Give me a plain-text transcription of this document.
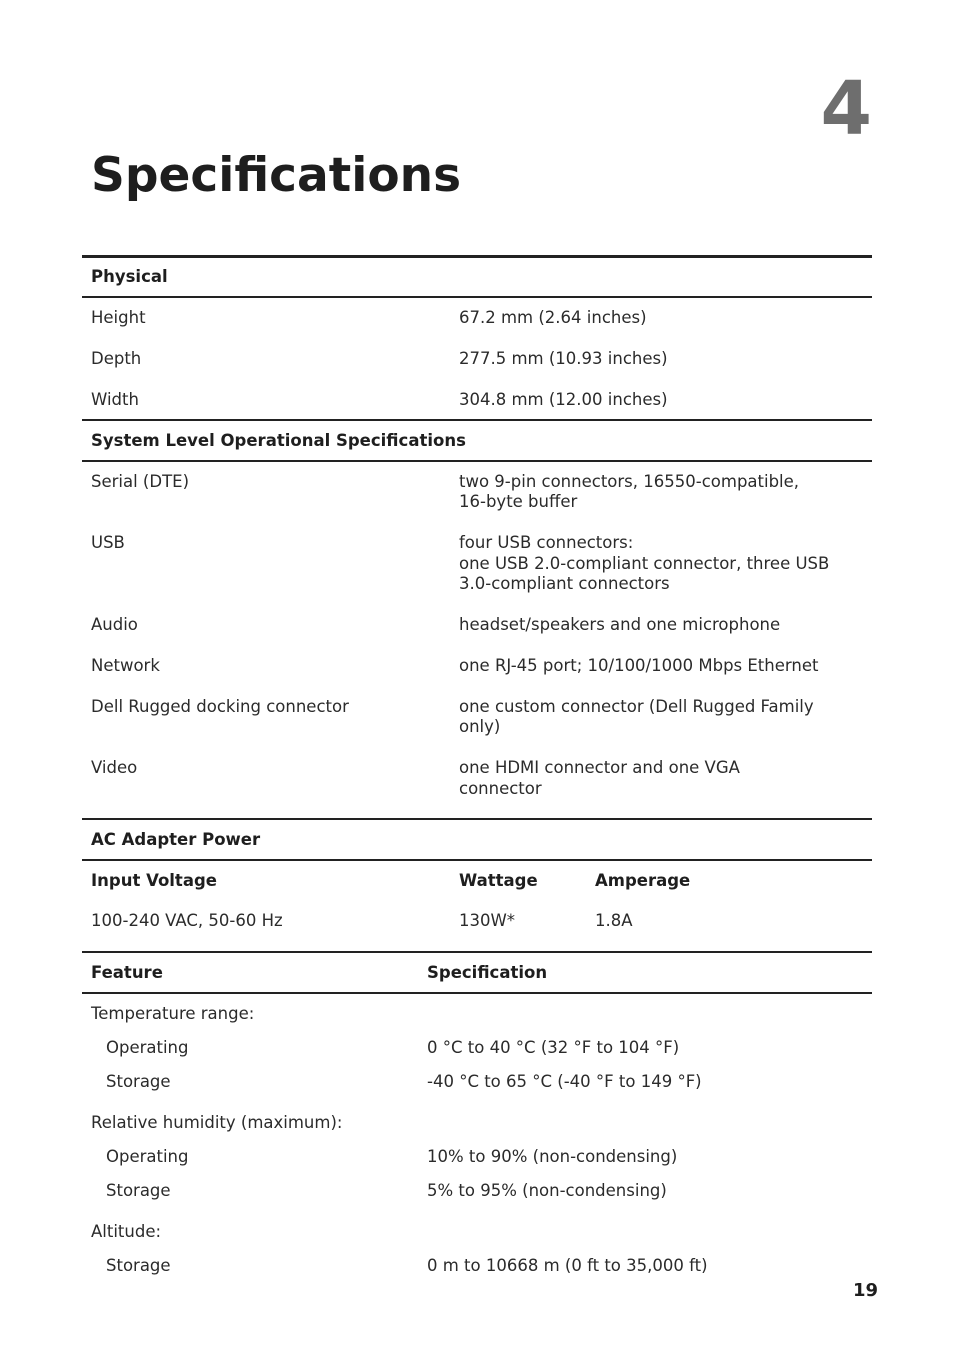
4
Specifications
Physical
Height	67.2 mm (2.64 inches)
Depth	277.5 mm (10.93 inches)
Width	304.8 mm (12.00 inches)
System Level Operational Specifications
Serial (DTE)	two 9-pin connectors, 16550-compatible,
16-byte buffer
USB	four USB connectors:
one USB 2.0-compliant connector, three USB
3.0-compliant connectors
Audio	headset/speakers and one microphone
Network	one RJ-45 port; 10/100/1000 Mbps Ethernet
Dell Rugged docking connector	one custom connector (Dell Rugged Family
only)
Video	one HDMI connector and one VGA
connector
AC Adapter Power
Input Voltage	Wattage	Amperage
100-240 VAC, 50-60 Hz	130W*	1.8A
Feature	Specification
Temperature range:
Operating	0 °C to 40 °C (32 °F to 104 °F)
Storage	-40 °C to 65 °C (-40 °F to 149 °F)
Relative humidity (maximum):
Operating	10% to 90% (non-condensing)
Storage	5% to 95% (non-condensing)
Altitude:
Storage	0 m to 10668 m (0 ft to 35,000 ft)
19
